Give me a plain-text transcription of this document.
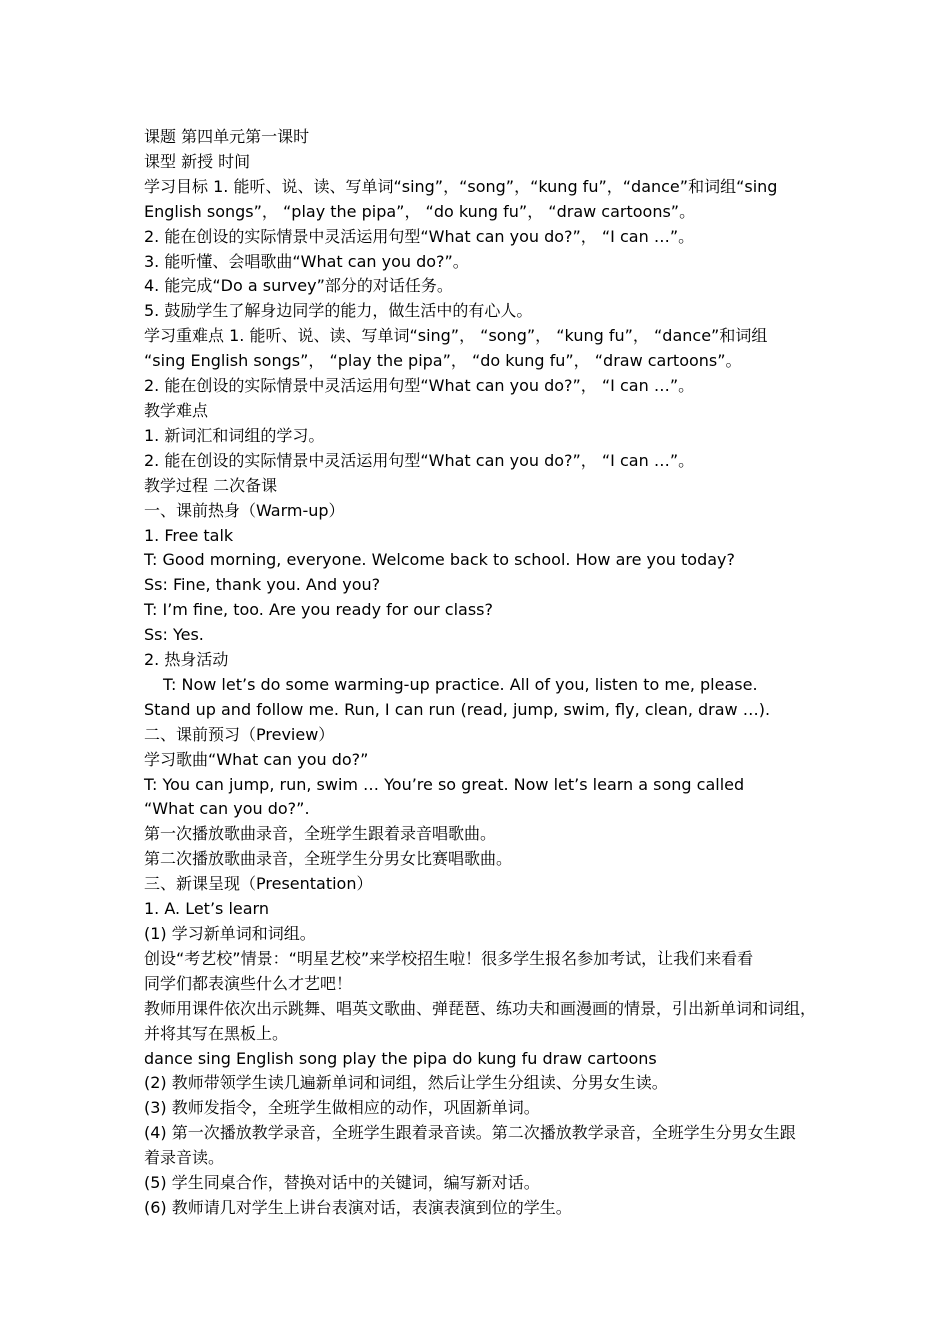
课题 第四单元第一课时
课型 新授 时间
学习目标 1. 能听、说、读、写单词“sing”，“song”，“kung fu”，“dance”和词组“sing
English songs”， “play the pipa”， “do kung fu”， “draw cartoons”。
2. 能在创设的实际情景中灵活运用句型“What can you do?”， “I can …”。
3. 能听懂、会唱歌曲“What can you do?”。
4. 能完成“Do a survey”部分的对话任务。
5. 鼓励学生了解身边同学的能力，做生活中的有心人。
学习重难点 1. 能听、说、读、写单词“sing”， “song”， “kung fu”， “dance”和词组
“sing English songs”， “play the pipa”， “do kung fu”， “draw cartoons”。
2. 能在创设的实际情景中灵活运用句型“What can you do?”， “I can …”。
教学难点
1. 新词汇和词组的学习。
2. 能在创设的实际情景中灵活运用句型“What can you do?”， “I can …”。
教学过程 二次备课
一、课前热身（Warm-up）
1. Free talk
T: Good morning, everyone. Welcome back to school. How are you today?
Ss: Fine, thank you. And you?
T: I’m fine, too. Are you ready for our class?
Ss: Yes.
2. 热身活动
T: Now let’s do some warming-up practice. All of you, listen to me, please.
Stand up and follow me. Run, I can run (read, jump, swim, fly, clean, draw …).
二、课前预习（Preview）
学习歌曲“What can you do?”
T: You can jump, run, swim … You’re so great. Now let’s learn a song called
“What can you do?”.
第一次播放歌曲录音，全班学生跟着录音唱歌曲。
第二次播放歌曲录音，全班学生分男女比赛唱歌曲。
三、新课呈现（Presentation）
1. A. Let’s learn
(1) 学习新单词和词组。
创设“考艺校”情景：“明星艺校”来学校招生啦！很多学生报名参加考试，让我们来看看
同学们都表演些什么才艺吧！
教师用课件依次出示跳舞、唱英文歌曲、弹琵琶、练功夫和画漫画的情景，引出新单词和词组，
并将其写在黑板上。
dance sing English song play the pipa do kung fu draw cartoons
(2) 教师带领学生读几遍新单词和词组，然后让学生分组读、分男女生读。
(3) 教师发指令，全班学生做相应的动作，巩固新单词。
(4) 第一次播放教学录音，全班学生跟着录音读。第二次播放教学录音，全班学生分男女生跟
着录音读。
(5) 学生同桌合作，替换对话中的关键词，编写新对话。
(6) 教师请几对学生上讲台表演对话，表演表演到位的学生。
